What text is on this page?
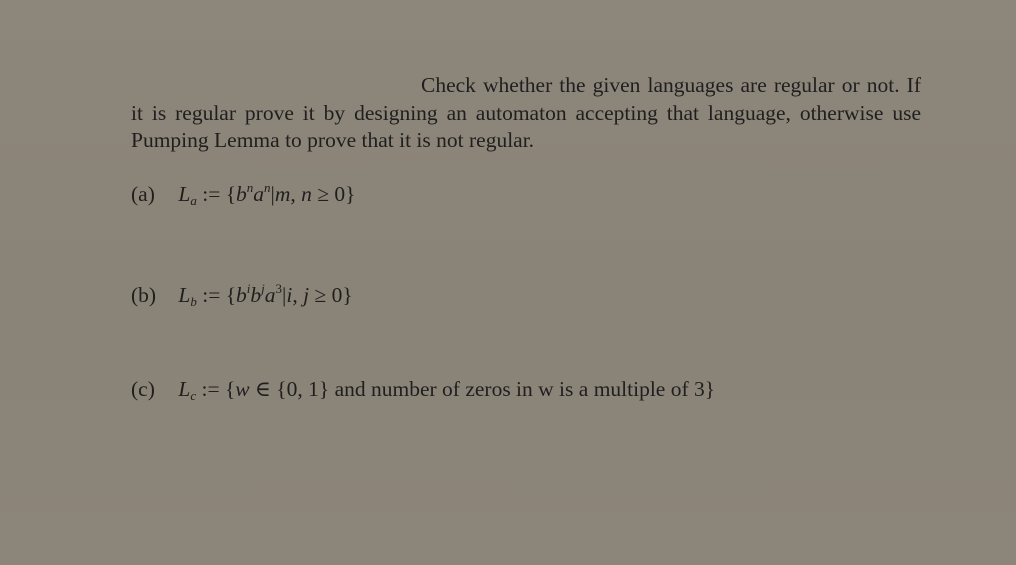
Check whether the given languages are regular or not. If it is regular prove it by designing an automaton accepting that language, otherwise use Pumping Lemma to prove that it is not regular.
(a) $L_a$ := {$b^na^n|m$, n ≥ 0}
(b) $L_b$ := {$b^ib^ja^3|i$, j ≥ 0}
(c) $L_c$ := {w ∈ {0, 1} and number of zeros in w is a multiple of 3}
